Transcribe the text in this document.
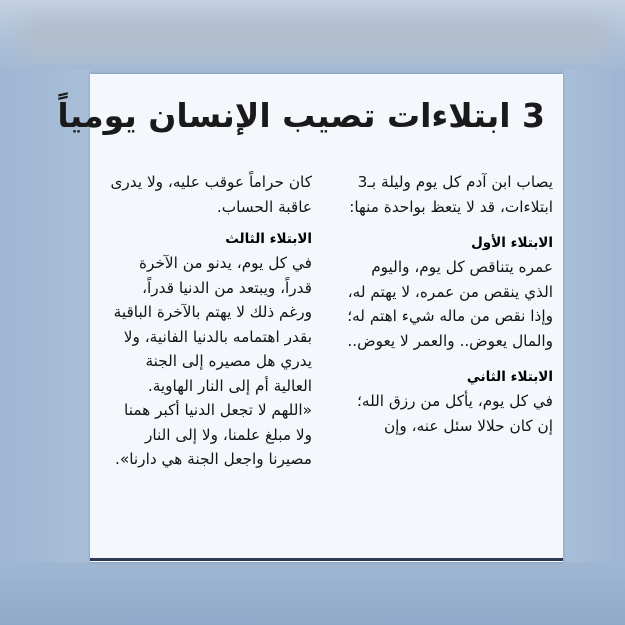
3 ابتلاءات تصيب الإنسان يومياً

يصاب ابن آدم كل يوم وليلة بـ3 ابتلاءات، قد لا يتعظ بواحدة منها:

الابتلاء الأول

عمره يتناقص كل يوم، واليوم الذي ينقص من عمره، لا يهتم له، وإذا نقص من ماله شيء اهتم له؛ والمال يعوض.. والعمر لا يعوض..

الابتلاء الثاني

في كل يوم، يأكل من رزق الله؛ إن كان حلالا سئل عنه، وإن

كان حراماً عوقب عليه، ولا يدرى عاقبة الحساب.

الابتلاء الثالث

في كل يوم، يدنو من الآخرة قدراً، ويبتعد من الدنيا قدراً، ورغم ذلك لا يهتم بالآخرة الباقية بقدر اهتمامه بالدنيا الفانية، ولا يدري هل مصيره إلى الجنة العالية أم إلى النار الهاوية. «اللهم لا تجعل الدنيا أكبر همنا ولا مبلغ علمنا، ولا إلى النار مصيرنا واجعل الجنة هي دارنا».
